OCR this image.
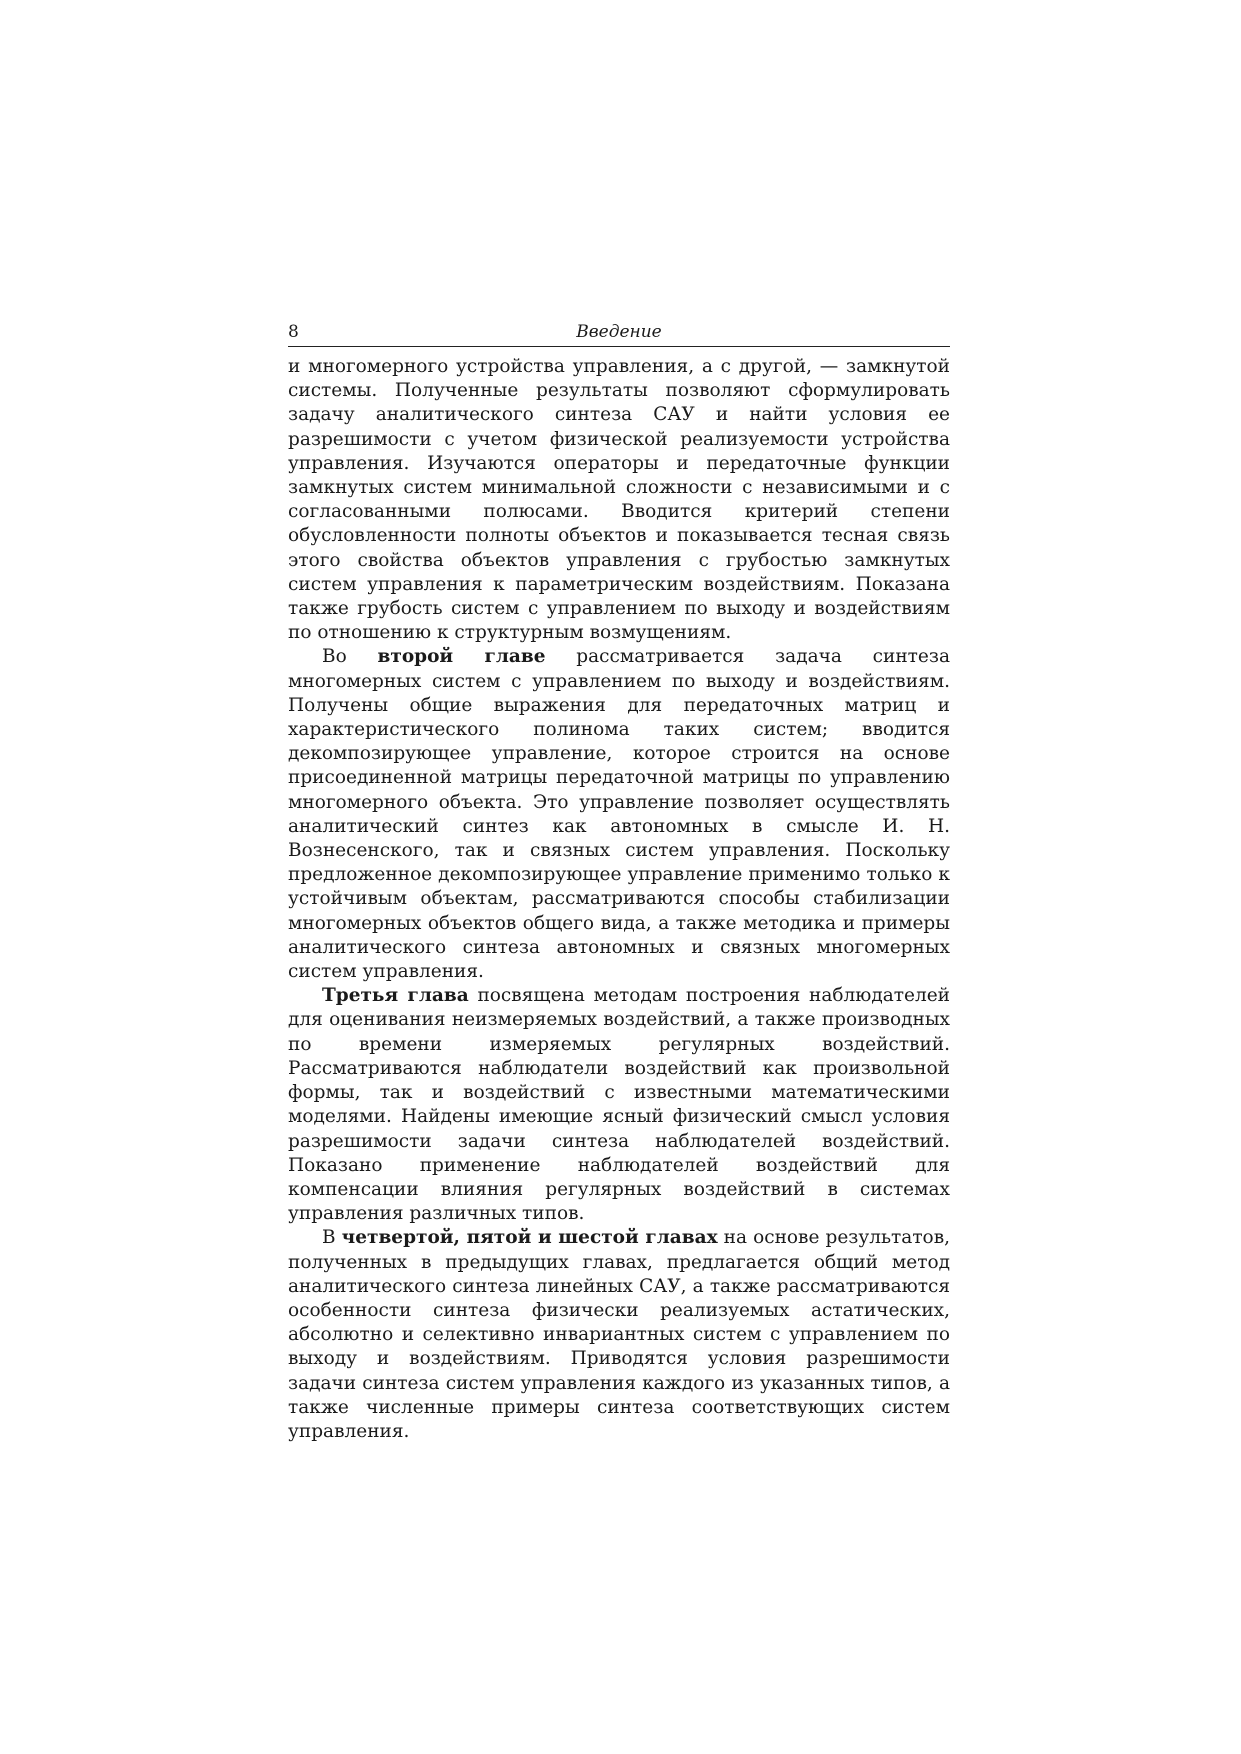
8	Введение

и многомерного устройства управления, а с другой, — замкнутой системы. Полученные результаты позволяют сформулировать задачу аналитического синтеза САУ и найти условия ее разрешимости с учетом физической реализуемости устройства управления. Изучаются операторы и передаточные функции замкнутых систем минимальной сложности с независимыми и с согласованными полюсами. Вводится критерий степени обусловленности полноты объектов и показывается тесная связь этого свойства объектов управления с грубостью замкнутых систем управления к параметрическим воздействиям. Показана также грубость систем с управлением по выходу и воздействиям по отношению к структурным возмущениям.

Во второй главе рассматривается задача синтеза многомерных систем с управлением по выходу и воздействиям. Получены общие выражения для передаточных матриц и характеристического полинома таких систем; вводится декомпозирующее управление, которое строится на основе присоединенной матрицы передаточной матрицы по управлению многомерного объекта. Это управление позволяет осуществлять аналитический синтез как автономных в смысле И. Н. Вознесенского, так и связных систем управления. Поскольку предложенное декомпозирующее управление применимо только к устойчивым объектам, рассматриваются способы стабилизации многомерных объектов общего вида, а также методика и примеры аналитического синтеза автономных и связных многомерных систем управления.

Третья глава посвящена методам построения наблюдателей для оценивания неизмеряемых воздействий, а также производных по времени измеряемых регулярных воздействий. Рассматриваются наблюдатели воздействий как произвольной формы, так и воздействий с известными математическими моделями. Найдены имеющие ясный физический смысл условия разрешимости задачи синтеза наблюдателей воздействий. Показано применение наблюдателей воздействий для компенсации влияния регулярных воздействий в системах управления различных типов.

В четвертой, пятой и шестой главах на основе результатов, полученных в предыдущих главах, предлагается общий метод аналитического синтеза линейных САУ, а также рассматриваются особенности синтеза физически реализуемых астатических, абсолютно и селективно инвариантных систем с управлением по выходу и воздействиям. Приводятся условия разрешимости задачи синтеза систем управления каждого из указанных типов, а также численные примеры синтеза соответствующих систем управления.
